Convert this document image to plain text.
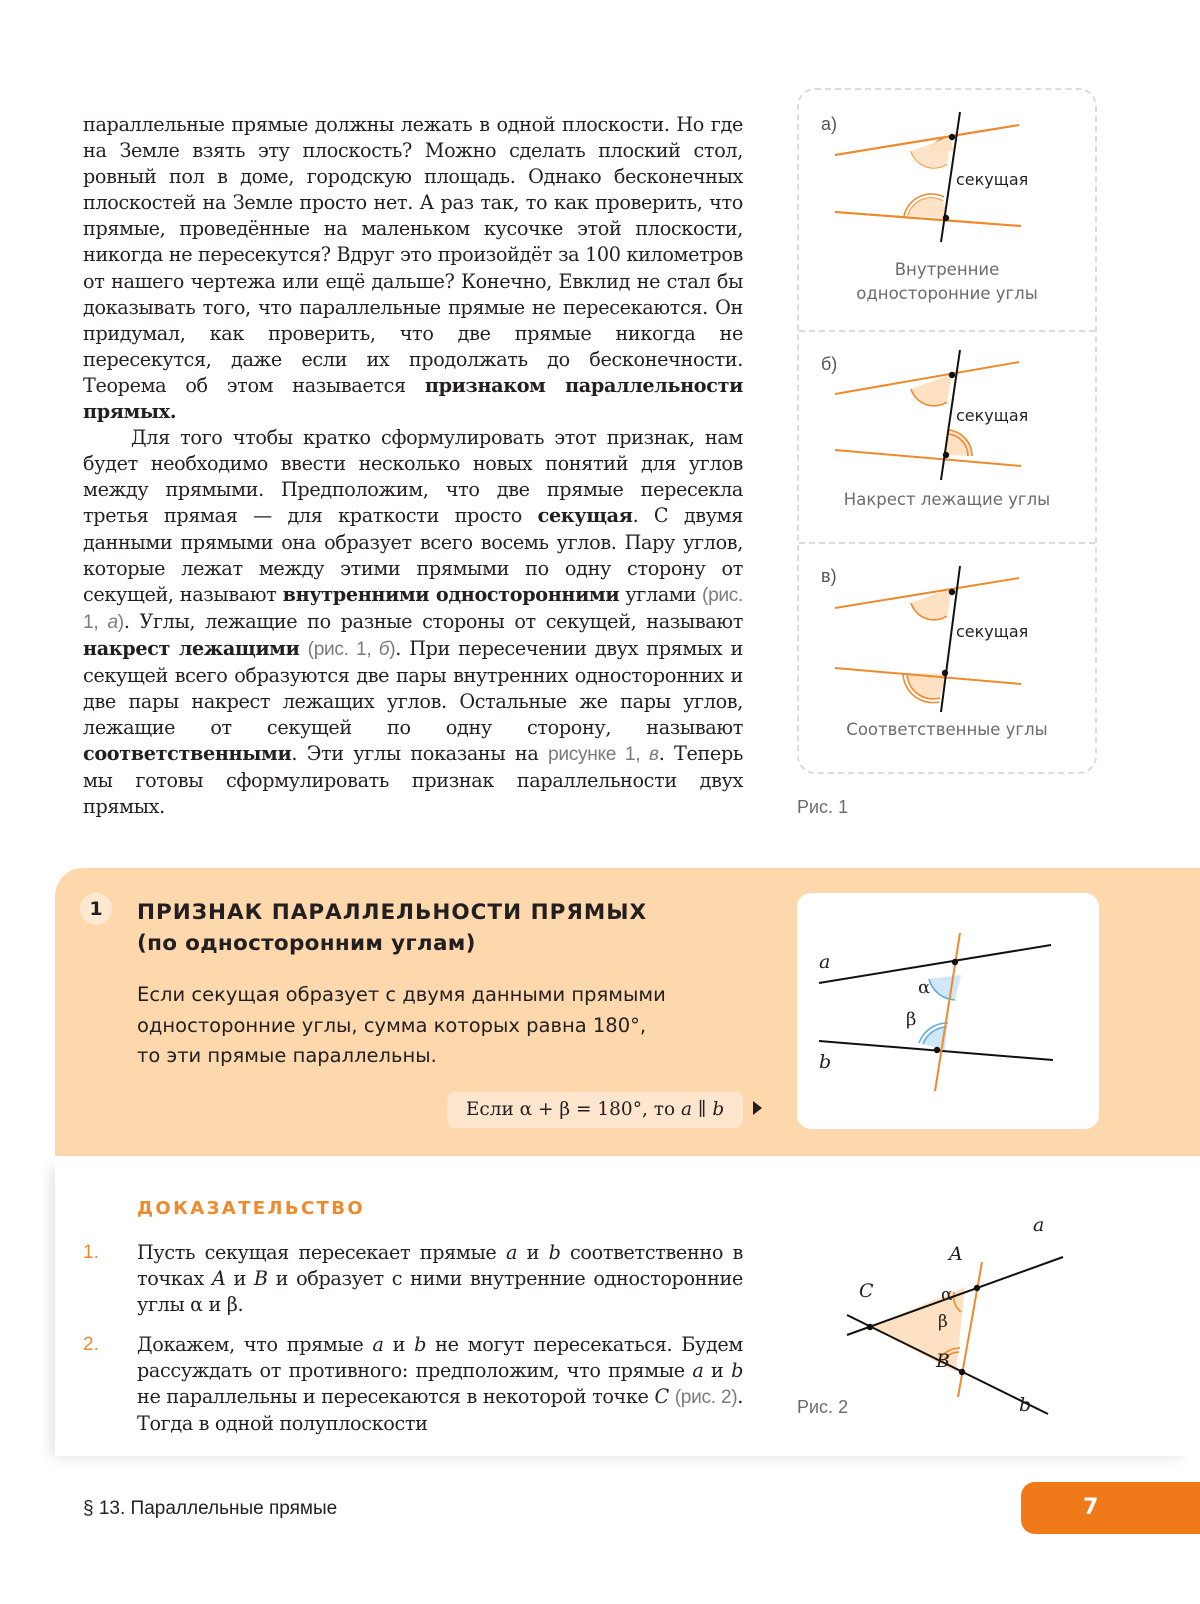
параллельные прямые должны лежать в одной плоскости. Но где на Земле взять эту плоскость? Можно сделать плоский стол, ровный пол в доме, городскую площадь. Однако бесконечных плоскостей на Земле просто нет. А раз так, то как проверить, что прямые, проведённые на маленьком кусочке этой плоскости, никогда не пересекутся? Вдруг это произойдёт за 100 километров от нашего чертежа или ещё дальше? Конечно, Евклид не стал бы доказывать того, что параллельные прямые не пересекаются. Он придумал, как проверить, что две прямые никогда не пересекутся, даже если их продолжать до бесконечности. Теорема об этом называется признаком параллельности прямых.

Для того чтобы кратко сформулировать этот признак, нам будет необходимо ввести несколько новых понятий для углов между прямыми. Предположим, что две прямые пересекла третья прямая — для краткости просто секущая. С двумя данными прямыми она образует всего восемь углов. Пару углов, которые лежат между этими прямыми по одну сторону от секущей, называют внутренними односторонними углами (рис. 1, а). Углы, лежащие по разные стороны от секущей, называют накрест лежащими (рис. 1, б). При пересечении двух прямых и секущей всего образуются две пары внутренних односторонних и две пары накрест лежащих углов. Остальные же пары углов, лежащие от секущей по одну сторону, называют соответственными. Эти углы показаны на рисунке 1, в. Теперь мы готовы сформулировать признак параллельности двух прямых.

а)
секущая
Внутренние
односторонние углы
б)
секущая
Накрест лежащие углы
в)
секущая
Соответственные углы
Рис. 1
1	ПРИЗНАК ПАРАЛЛЕЛЬНОСТИ ПРЯМЫХ
(по односторонним углам)
Если секущая образует с двумя данными прямыми
односторонние углы, сумма которых равна 180°,
то эти прямые параллельны.
Если α + β = 180°, то a ∥ b
a
b
α
β
ДОКАЗАТЕЛЬСТВО
1. Пусть секущая пересекает прямые a и b соответственно в точках A и B и образует с ними внутренние односторонние углы α и β.
2. Докажем, что прямые a и b не могут пересекаться. Будем рассуждать от противного: предположим, что прямые a и b не параллельны и пересекаются в некоторой точке C (рис. 2). Тогда в одной полуплоскости
a
b
A
B
C	α
β
Рис. 2
§ 13. Параллельные прямые	7
